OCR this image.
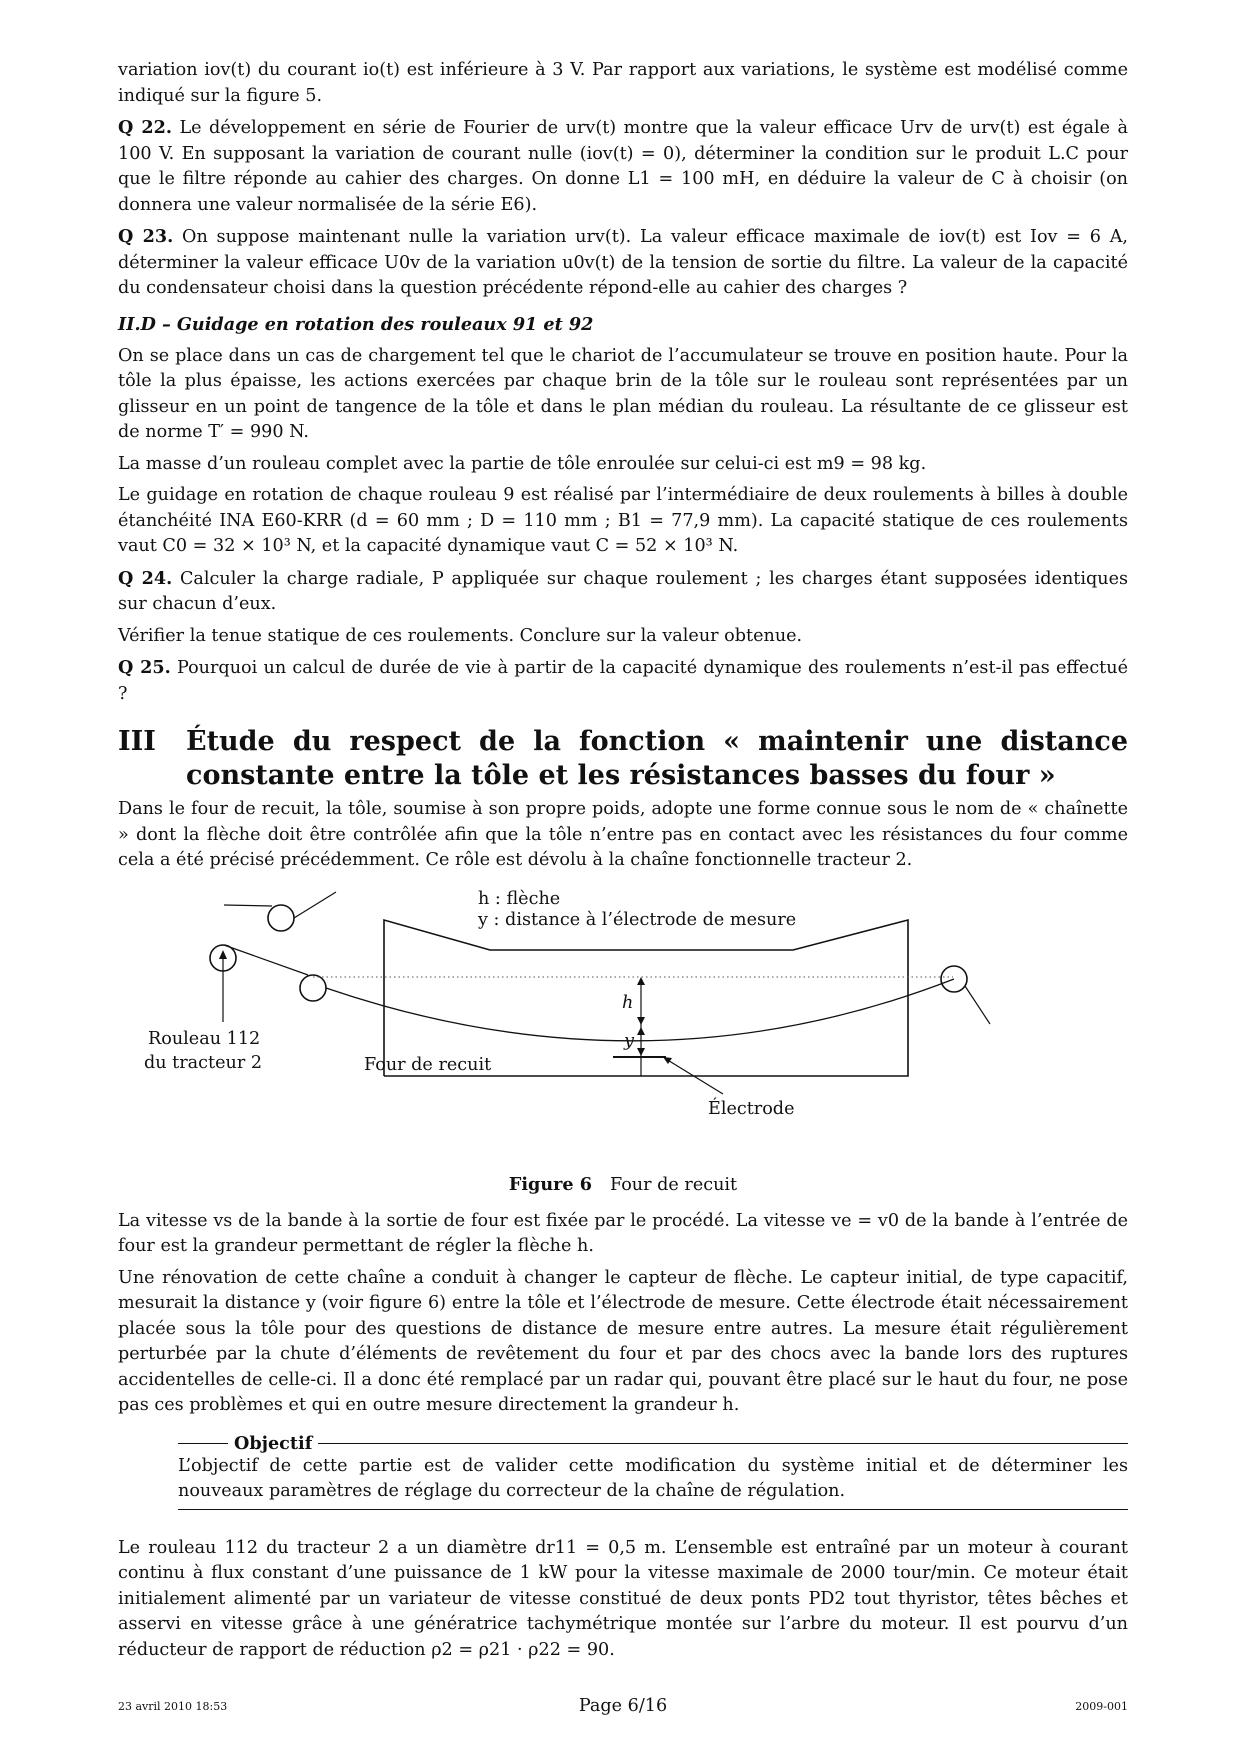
variation iov(t) du courant io(t) est inférieure à 3 V. Par rapport aux variations, le système est modélisé comme indiqué sur la figure 5.

Q 22. Le développement en série de Fourier de urv(t) montre que la valeur efficace Urv de urv(t) est égale à 100 V. En supposant la variation de courant nulle (iov(t) = 0), déterminer la condition sur le produit L.C pour que le filtre réponde au cahier des charges. On donne L1 = 100 mH, en déduire la valeur de C à choisir (on donnera une valeur normalisée de la série E6).

Q 23. On suppose maintenant nulle la variation urv(t). La valeur efficace maximale de iov(t) est Iov = 6 A, déterminer la valeur efficace U0v de la variation u0v(t) de la tension de sortie du filtre. La valeur de la capacité du condensateur choisi dans la question précédente répond-elle au cahier des charges ?

II.D – Guidage en rotation des rouleaux 91 et 92

On se place dans un cas de chargement tel que le chariot de l’accumulateur se trouve en position haute. Pour la tôle la plus épaisse, les actions exercées par chaque brin de la tôle sur le rouleau sont représentées par un glisseur en un point de tangence de la tôle et dans le plan médian du rouleau. La résultante de ce glisseur est de norme T′ = 990 N.

La masse d’un rouleau complet avec la partie de tôle enroulée sur celui-ci est m9 = 98 kg.

Le guidage en rotation de chaque rouleau 9 est réalisé par l’intermédiaire de deux roulements à billes à double étanchéité INA E60-KRR (d = 60 mm ; D = 110 mm ; B1 = 77,9 mm). La capacité statique de ces roulements vaut C0 = 32 × 10³ N, et la capacité dynamique vaut C = 52 × 10³ N.

Q 24. Calculer la charge radiale, P appliquée sur chaque roulement ; les charges étant supposées identiques sur chacun d’eux.

Vérifier la tenue statique de ces roulements. Conclure sur la valeur obtenue.

Q 25. Pourquoi un calcul de durée de vie à partir de la capacité dynamique des roulements n’est-il pas effectué ?

III	Étude du respect de la fonction « maintenir une distance constante entre la tôle et les résistances basses du four »

Dans le four de recuit, la tôle, soumise à son propre poids, adopte une forme connue sous le nom de « chaînette » dont la flèche doit être contrôlée afin que la tôle n’entre pas en contact avec les résistances du four comme cela a été précisé précédemment. Ce rôle est dévolu à la chaîne fonctionnelle tracteur 2.

h : flèche
y : distance à l’électrode de mesure
h
y
Rouleau 112
du tracteur 2	Four de recuit
Électrode
Figure 6 Four de recuit

La vitesse vs de la bande à la sortie de four est fixée par le procédé. La vitesse ve = v0 de la bande à l’entrée de four est la grandeur permettant de régler la flèche h.

Une rénovation de cette chaîne a conduit à changer le capteur de flèche. Le capteur initial, de type capacitif, mesurait la distance y (voir figure 6) entre la tôle et l’électrode de mesure. Cette électrode était nécessairement placée sous la tôle pour des questions de distance de mesure entre autres. La mesure était régulièrement perturbée par la chute d’éléments de revêtement du four et par des chocs avec la bande lors des ruptures accidentelles de celle-ci. Il a donc été remplacé par un radar qui, pouvant être placé sur le haut du four, ne pose pas ces problèmes et qui en outre mesure directement la grandeur h.

Objectif
L’objectif de cette partie est de valider cette modification du système initial et de déterminer les nouveaux paramètres de réglage du correcteur de la chaîne de régulation.

Le rouleau 112 du tracteur 2 a un diamètre dr11 = 0,5 m. L’ensemble est entraîné par un moteur à courant continu à flux constant d’une puissance de 1 kW pour la vitesse maximale de 2000 tour/min. Ce moteur était initialement alimenté par un variateur de vitesse constitué de deux ponts PD2 tout thyristor, têtes bêches et asservi en vitesse grâce à une génératrice tachymétrique montée sur l’arbre du moteur. Il est pourvu d’un réducteur de rapport de réduction ρ2 = ρ21 · ρ22 = 90.

23 avril 2010 18:53	Page 6/16	2009-001
